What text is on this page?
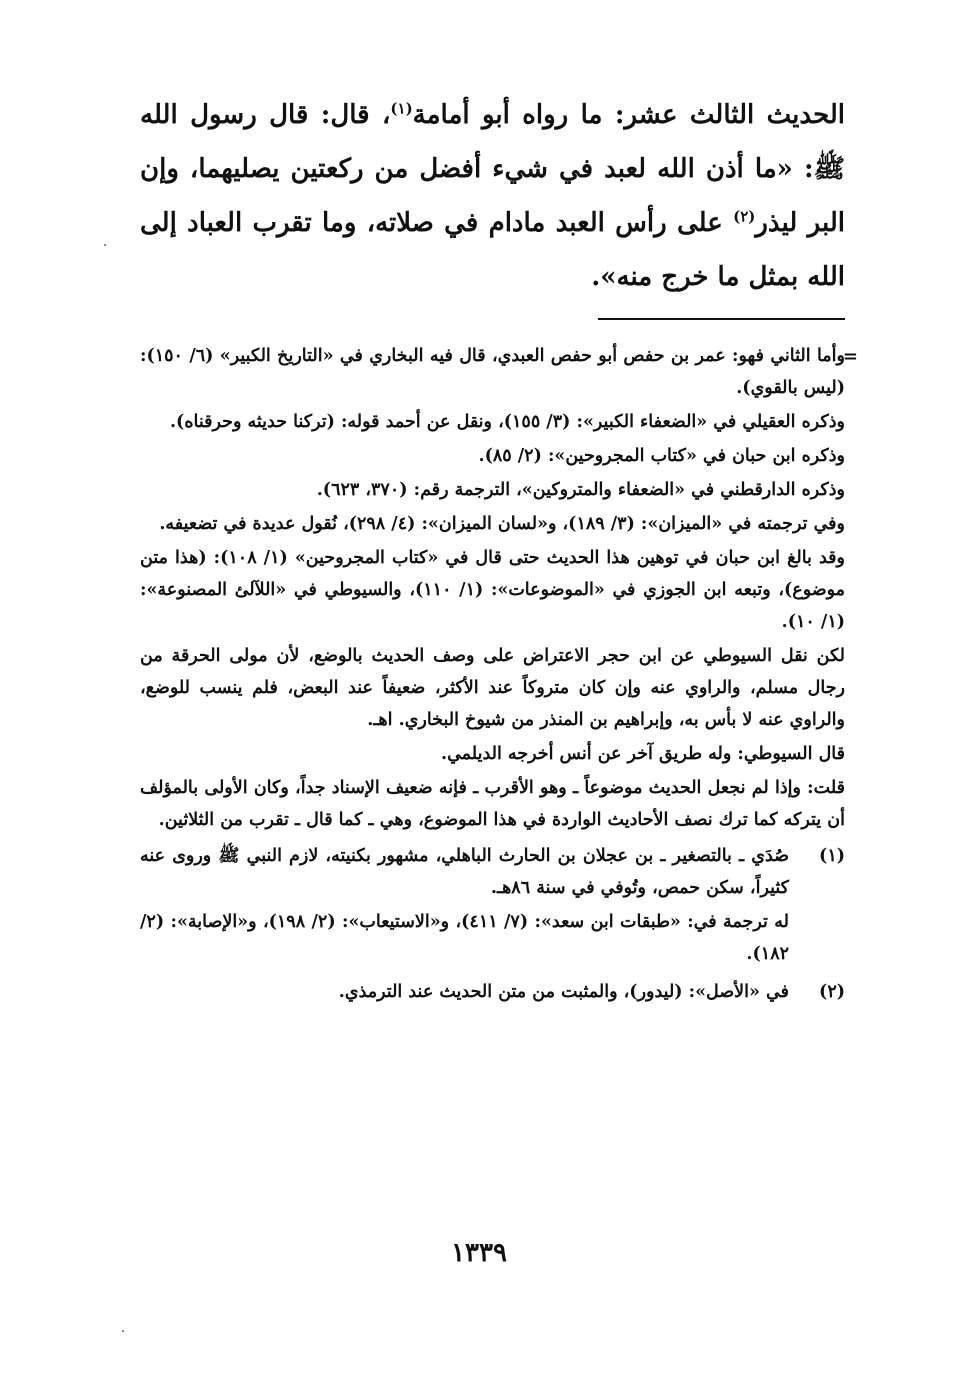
الحديث الثالث عشر: ما رواه أبو أمامة$^{(١)}$، قال: قال رسول الله ﷺ: «ما أذن الله لعبد في شيء أفضل من ركعتين يصليهما، وإن البر ليذر$^{(٢)}$ على رأس العبد مادام في صلاته، وما تقرب العباد إلى الله بمثل ما خرج منه».

=

وأما الثاني فهو: عمر بن حفص أبو حفص العبدي، قال فيه البخاري في «التاريخ الكبير» (٦/ ١٥٠): (ليس بالقوي).

وذكره العقيلي في «الضعفاء الكبير»: (٣/ ١٥٥)، ونقل عن أحمد قوله: (تركنا حديثه وحرقناه).

وذكره ابن حبان في «كتاب المجروحين»: (٢/ ٨٥).

وذكره الدارقطني في «الضعفاء والمتروكين»، الترجمة رقم: (٣٧٠، ٦٢٣).

وفي ترجمته في «الميزان»: (٣/ ١٨٩)، و«لسان الميزان»: (٤/ ٢٩٨)، نُقول عديدة في تضعيفه.

وقد بالغ ابن حبان في توهين هذا الحديث حتى قال في «كتاب المجروحين» (١/ ١٠٨): (هذا متن موضوع)، وتبعه ابن الجوزي في «الموضوعات»: (١/ ١١٠)، والسيوطي في «اللآلئ المصنوعة»: (١/ ١٠).

لكن نقل السيوطي عن ابن حجر الاعتراض على وصف الحديث بالوضع، لأن مولى الحرقة من رجال مسلم، والراوي عنه وإن كان متروكاً عند الأكثر، ضعيفاً عند البعض، فلم ينسب للوضع، والراوي عنه لا بأس به، وإبراهيم بن المنذر من شيوخ البخاري. اهـ.

قال السيوطي: وله طريق آخر عن أنس أخرجه الديلمي.

قلت: وإذا لم نجعل الحديث موضوعاً ـ وهو الأقرب ـ فإنه ضعيف الإسناد جداً، وكان الأولى بالمؤلف أن يتركه كما ترك نصف الأحاديث الواردة في هذا الموضوع، وهي ـ كما قال ـ تقرب من الثلاثين.

(١)

صُدَي ـ بالتصغير ـ بن عجلان بن الحارث الباهلي، مشهور بكنيته، لازم النبي ﷺ وروى عنه كثيراً، سكن حمص، وتُوفي في سنة ٨٦هـ.

له ترجمة في: «طبقات ابن سعد»: (٧/ ٤١١)، و«الاستيعاب»: (٢/ ١٩٨)، و«الإصابة»: (٢/ ١٨٢).

(٢)

في «الأصل»: (ليدور)، والمثبت من متن الحديث عند الترمذي.

١٣٣٩
